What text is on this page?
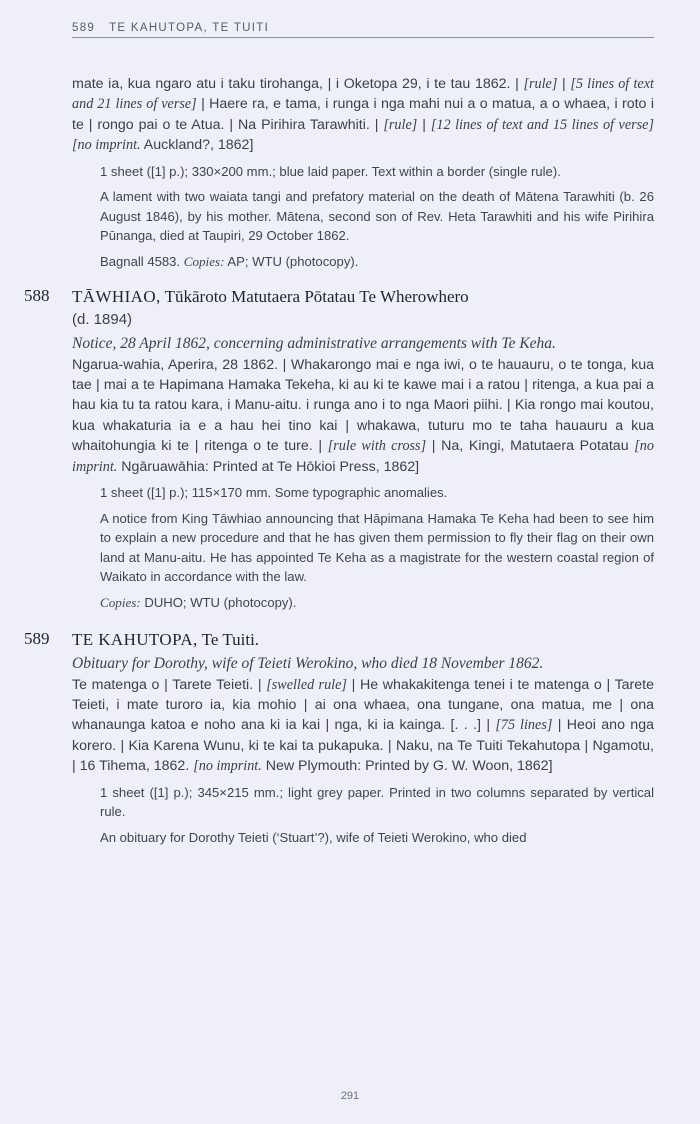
589 TE KAHUTOPA, TE TUITI

mate ia, kua ngaro atu i taku tirohanga, | i Oketopa 29, i te tau 1862. | [rule] | [5 lines of text and 21 lines of verse] | Haere ra, e tama, i runga i nga mahi nui a o matua, a o whaea, i roto i te | rongo pai o te Atua. | Na Pirihira Tarawhiti. | [rule] | [12 lines of text and 15 lines of verse] [no imprint. Auckland?, 1862]

1 sheet ([1] p.); 330×200 mm.; blue laid paper. Text within a border (single rule).

A lament with two waiata tangi and prefatory material on the death of Mātena Tarawhiti (b. 26 August 1846), by his mother. Mātena, second son of Rev. Heta Tarawhiti and his wife Pirihira Pūnanga, died at Taupiri, 29 October 1862.

Bagnall 4583. Copies: AP; WTU (photocopy).

588 TĀWHIAO, Tūkāroto Matutaera Pōtatau Te Wherowhero
(d. 1894)

Notice, 28 April 1862, concerning administrative arrangements with Te Keha.

Ngarua-wahia, Aperira, 28 1862. | Whakarongo mai e nga iwi, o te hauauru, o te tonga, kua tae | mai a te Hapimana Hamaka Tekeha, ki au ki te kawe mai i a ratou | ritenga, a kua pai a hau kia tu ta ratou kara, i Manu-aitu. i runga ano i to nga Maori piihi. | Kia rongo mai koutou, kua whakaturia ia e a hau hei tino kai | whakawa, tuturu mo te taha hauauru a kua whaitohungia ki te | ritenga o te ture. | [rule with cross] | Na, Kingi, Matutaera Potatau [no imprint. Ngāruawāhia: Printed at Te Hōkioi Press, 1862]

1 sheet ([1] p.); 115×170 mm. Some typographic anomalies.

A notice from King Tāwhiao announcing that Hāpimana Hamaka Te Keha had been to see him to explain a new procedure and that he has given them permission to fly their flag on their own land at Manu-aitu. He has appointed Te Keha as a magistrate for the western coastal region of Waikato in accordance with the law.

Copies: DUHO; WTU (photocopy).

589 TE KAHUTOPA, Te Tuiti.

Obituary for Dorothy, wife of Teieti Werokino, who died 18 November 1862.

Te matenga o | Tarete Teieti. | [swelled rule] | He whakakitenga tenei i te matenga o | Tarete Teieti, i mate turoro ia, kia mohio | ai ona whaea, ona tungane, ona matua, me | ona whanaunga katoa e noho ana ki ia kai | nga, ki ia kainga. [. . .] | [75 lines] | Heoi ano nga korero. | Kia Karena Wunu, ki te kai ta pukapuka. | Naku, na Te Tuiti Tekahutopa | Ngamotu, | 16 Tihema, 1862. [no imprint. New Plymouth: Printed by G. W. Woon, 1862]

1 sheet ([1] p.); 345×215 mm.; light grey paper. Printed in two columns separated by vertical rule.

An obituary for Dorothy Teieti (‘Stuart’?), wife of Teieti Werokino, who died

291
